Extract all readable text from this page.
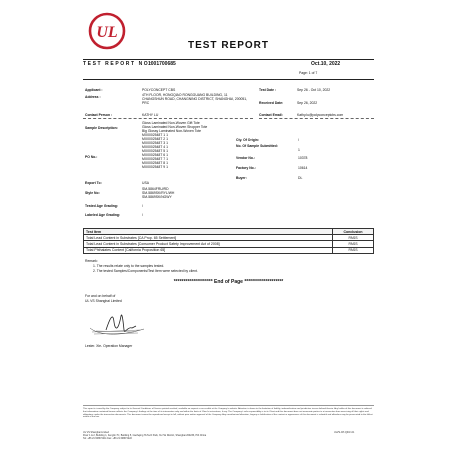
UL
TEST REPORT
TEST REPORT NO:
1001700685	Oct.10, 2022
Page: 1 of 7
Applicant :	POLYCONCEPT CBS
Address :	4TH FLOOR, HONGQIAO RONGGUANG BUILDING, 11 CHANGSHUN ROAD, CHANGNING DISTRICT, SHANGHAI, 200051, PRC
Contact Person :	KATHY LU
Sample Description:
Gloss Laminated Non-Woven Gift Tote
Gloss Laminated Non-Woven Shopper Tote
Big Glossy Laminated Non-Woven Tote
PO No.:
MX0002548T 1 1
MX0002548T 2 1
MX0002548T 3 1
MX0002548T 4 1
MX0002548T 5 1
MX0002548T 6 1
MX0002548T 7 1
MX0002548T 8 1
MX0002548T 9 1
Export To:	USA
Style No:
SM-5864FRU/RD
SM-5869SK/RYL/WH
SM-5869SK/NGWY
Tested Age Grading:	/
Labeled Age Grading:	/
Test Date :	Sep 26 - Oct 10, 2022
Received Date:	Sep 26, 2022
Contact Email:	Kathy.lu@polyconceptcbs.com
Cty. Of Origin:	/
No. Of Sample Submitted:
1
Vendor No.:	10378
Factory No.:	10614
Buyer:	DL
Test Item	Conclusion
Total Lead Content in Substrates [CA Prop. 65 Settlement]	PASS
Total Lead Content in Substrates [Consumer Product Safety Improvement Act of 2008]	PASS
Total Phthalates Content [California Proposition 65]	PASS
Remark:
1. The results relate only to the samples tested.
2. The tested Samples/Components/Test Item were selected by client.
******************** End of Page ********************
For and on behalf of
UL VS Shanghai Limited
Lester. Xie- Operation Manager
This report is issued by the Company subject to its General Conditions of Service printed overleaf, available on request or accessible at the Company's website. Attention is drawn to the limitation of liability, indemnification and jurisdiction issues defined therein. Any holder of this document is advised that information contained hereon reflects the Company's findings at the time of its intervention only and within the limits of Client's instructions, if any. The Company's sole responsibility is to its Client and this document does not exonerate parties to a transaction from exercising all their rights and obligations under the transaction documents. This document cannot be reproduced except in full, without prior written approval of the Company. Any unauthorized alteration, forgery or falsification of the content or appearance of this document is unlawful and offenders may be prosecuted to the fullest extent of the law.
UL VS Shanghai Limited
Floor 1 & 2, Building 1, Fenglin 7C, Building 5, Caohejing Hi-Tech Park, Xu Hui District, Shanghai 200233, P.R.China
Tel: +86 21 6086 5211 Fax: +86 21 6086 5222
ULVS-CP-QR-F-01
